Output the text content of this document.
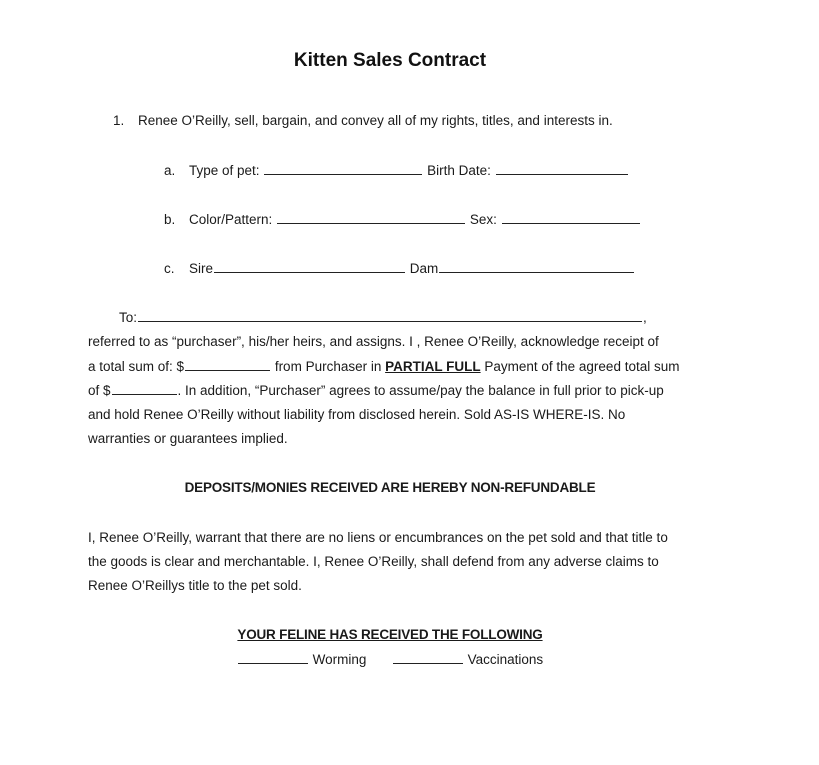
Kitten Sales Contract
1. Renee O’Reilly, sell, bargain, and convey all of my rights, titles, and interests in.
a. Type of pet:	Birth Date:
b. Color/Pattern:	Sex:
c. Sire	Dam
To:	,
referred to as “purchaser”, his/her heirs, and assigns. I , Renee O’Reilly, acknowledge receipt of
a total sum of: $	from Purchaser in PARTIAL FULL Payment of the agreed total sum
of $	. In addition, “Purchaser” agrees to assume/pay the balance in full prior to pick-up
and hold Renee O’Reilly without liability from disclosed herein. Sold AS-IS WHERE-IS. No
warranties or guarantees implied.
DEPOSITS/MONIES RECEIVED ARE HEREBY NON-REFUNDABLE
I, Renee O’Reilly, warrant that there are no liens or encumbrances on the pet sold and that title to
the goods is clear and merchantable. I, Renee O’Reilly, shall defend from any adverse claims to
Renee O’Reillys title to the pet sold.
YOUR FELINE HAS RECEIVED THE FOLLOWING
Worming	Vaccinations
